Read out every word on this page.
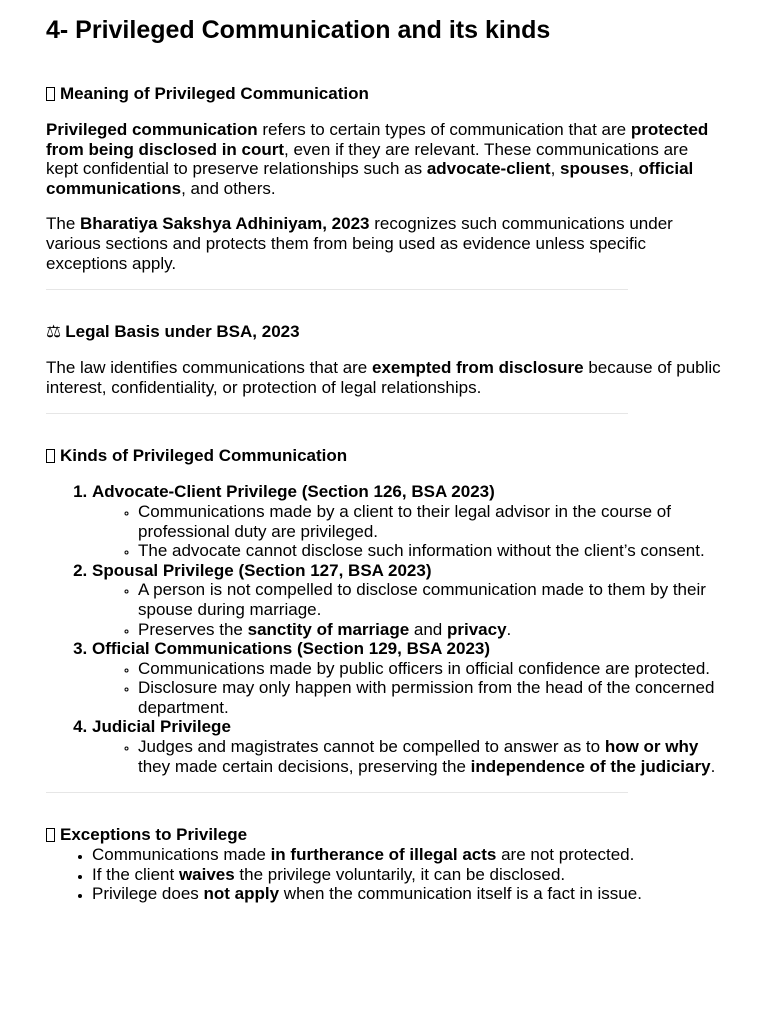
4- Privileged Communication and its kinds
Meaning of Privileged Communication

Privileged communication refers to certain types of communication that are protected from being disclosed in court, even if they are relevant. These communications are kept confidential to preserve relationships such as advocate-client, spouses, official communications, and others.

The Bharatiya Sakshya Adhiniyam, 2023 recognizes such communications under various sections and protects them from being used as evidence unless specific exceptions apply.

⚖ Legal Basis under BSA, 2023

The law identifies communications that are exempted from disclosure because of public interest, confidentiality, or protection of legal relationships.

Kinds of Privileged Communication
1. Advocate-Client Privilege (Section 126, BSA 2023)
◦ Communications made by a client to their legal advisor in the course of professional duty are privileged.
◦ The advocate cannot disclose such information without the client’s consent.
2. Spousal Privilege (Section 127, BSA 2023)
◦ A person is not compelled to disclose communication made to them by their spouse during marriage.
◦ Preserves the sanctity of marriage and privacy.
3. Official Communications (Section 129, BSA 2023)
◦ Communications made by public officers in official confidence are protected.
◦ Disclosure may only happen with permission from the head of the concerned department.
4. Judicial Privilege
◦ Judges and magistrates cannot be compelled to answer as to how or why they made certain decisions, preserving the independence of the judiciary.
Exceptions to Privilege
• Communications made in furtherance of illegal acts are not protected.
• If the client waives the privilege voluntarily, it can be disclosed.
• Privilege does not apply when the communication itself is a fact in issue.
